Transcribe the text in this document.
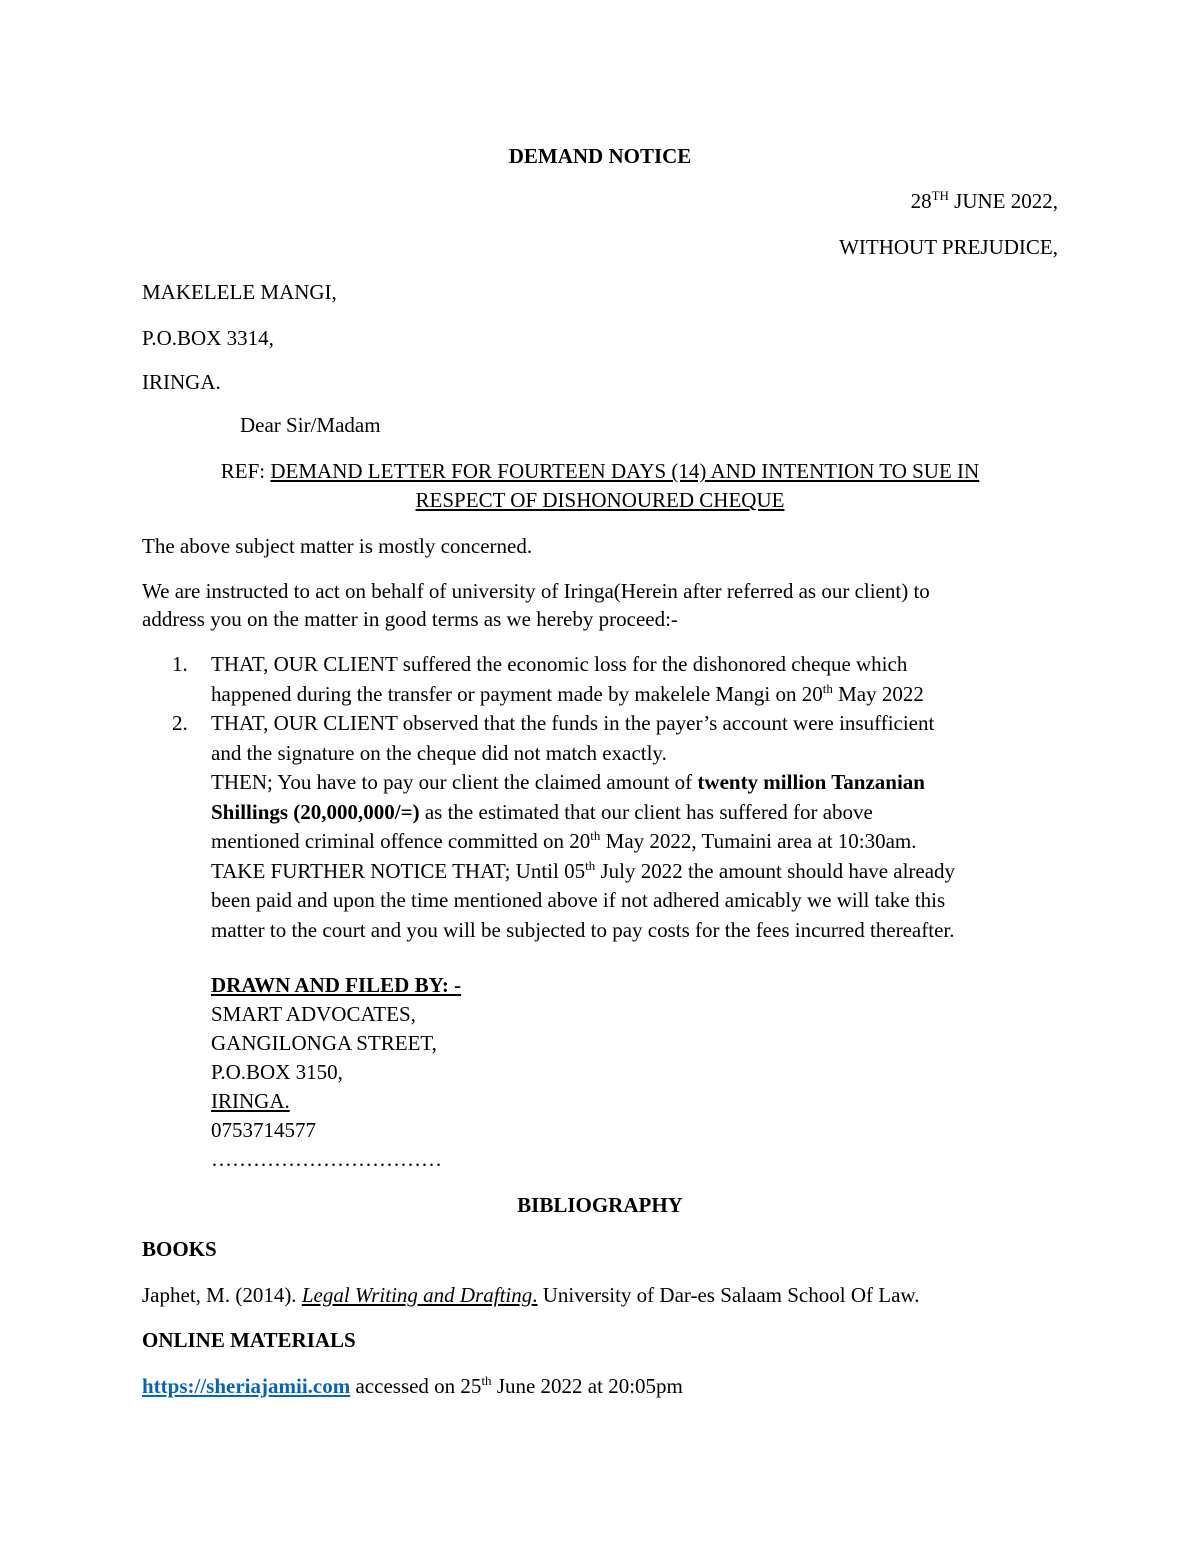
DEMAND NOTICE
28TH JUNE 2022,
WITHOUT PREJUDICE,
MAKELELE MANGI,
P.O.BOX 3314,
IRINGA.
Dear Sir/Madam
REF: DEMAND LETTER FOR FOURTEEN DAYS (14) AND INTENTION TO SUE IN
RESPECT OF DISHONOURED CHEQUE
The above subject matter is mostly concerned.
We are instructed to act on behalf of university of Iringa(Herein after referred as our client) to
address you on the matter in good terms as we hereby proceed:-
1. THAT, OUR CLIENT suffered the economic loss for the dishonored cheque which
happened during the transfer or payment made by makelele Mangi on 20th May 2022
2. THAT, OUR CLIENT observed that the funds in the payer’s account were insufficient
and the signature on the cheque did not match exactly.
THEN; You have to pay our client the claimed amount of twenty million Tanzanian
Shillings (20,000,000/=) as the estimated that our client has suffered for above
mentioned criminal offence committed on 20th May 2022, Tumaini area at 10:30am.
TAKE FURTHER NOTICE THAT; Until 05th July 2022 the amount should have already
been paid and upon the time mentioned above if not adhered amicably we will take this
matter to the court and you will be subjected to pay costs for the fees incurred thereafter.
DRAWN AND FILED BY: -
SMART ADVOCATES,
GANGILONGA STREET,
P.O.BOX 3150,
IRINGA.
0753714577
……………………………
BIBLIOGRAPHY
BOOKS
Japhet, M. (2014). Legal Writing and Drafting. University of Dar-es Salaam School Of Law.
ONLINE MATERIALS
https://sheriajamii.com accessed on 25th June 2022 at 20:05pm
